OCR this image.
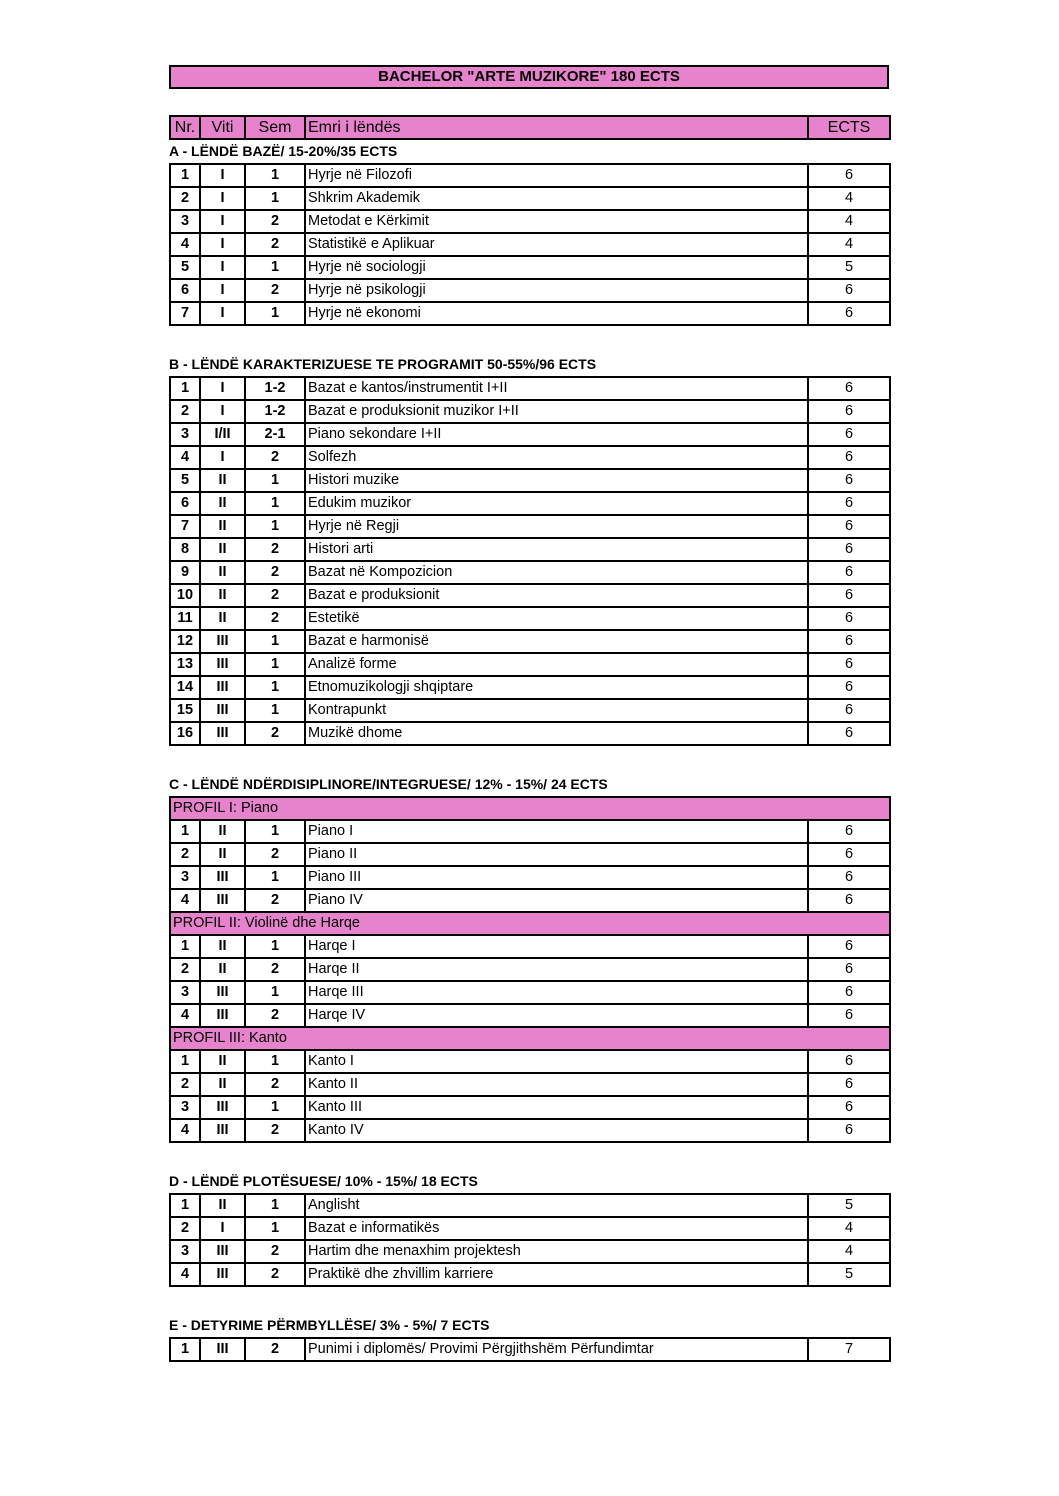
BACHELOR "ARTE MUZIKORE" 180 ECTS
Nr.	Viti	Sem	Emri i lëndës	ECTS
A - LËNDË BAZË/ 15-20%/35 ECTS
1	I	1	Hyrje në Filozofi	6
2	I	1	Shkrim Akademik	4
3	I	2	Metodat e Kërkimit	4
4	I	2	Statistikë e Aplikuar	4
5	I	1	Hyrje në sociologji	5
6	I	2	Hyrje në psikologji	6
7	I	1	Hyrje në ekonomi	6
B - LËNDË KARAKTERIZUESE TE PROGRAMIT 50-55%/96 ECTS
1	I	1-2	Bazat e kantos/instrumentit I+II	6
2	I	1-2	Bazat e produksionit muzikor I+II	6
3	I/II	2-1	Piano sekondare I+II	6
4	I	2	Solfezh	6
5	II	1	Histori muzike	6
6	II	1	Edukim muzikor	6
7	II	1	Hyrje në Regji	6
8	II	2	Histori arti	6
9	II	2	Bazat në Kompozicion	6
10	II	2	Bazat e produksionit	6
11	II	2	Estetikë	6
12	III	1	Bazat e harmonisë	6
13	III	1	Analizë forme	6
14	III	1	Etnomuzikologji shqiptare	6
15	III	1	Kontrapunkt	6
16	III	2	Muzikë dhome	6
C - LËNDË NDËRDISIPLINORE/INTEGRUESE/ 12% - 15%/ 24 ECTS
PROFIL I: Piano				
1	II	1	Piano I	6
2	II	2	Piano II	6
3	III	1	Piano III	6
4	III	2	Piano IV	6
PROFIL II: Violinë dhe Harqe				
1	II	1	Harqe I	6
2	II	2	Harqe II	6
3	III	1	Harqe III	6
4	III	2	Harqe IV	6
PROFIL III: Kanto				
1	II	1	Kanto I	6
2	II	2	Kanto II	6
3	III	1	Kanto III	6
4	III	2	Kanto IV	6
D - LËNDË PLOTËSUESE/ 10% - 15%/ 18 ECTS
1	II	1	Anglisht	5
2	I	1	Bazat e informatikës	4
3	III	2	Hartim dhe menaxhim projektesh	4
4	III	2	Praktikë dhe zhvillim karriere	5
E - DETYRIME PËRMBYLLËSE/ 3% - 5%/ 7 ECTS
1	III	2	Punimi i diplomës/ Provimi Përgjithshëm Përfundimtar	7
